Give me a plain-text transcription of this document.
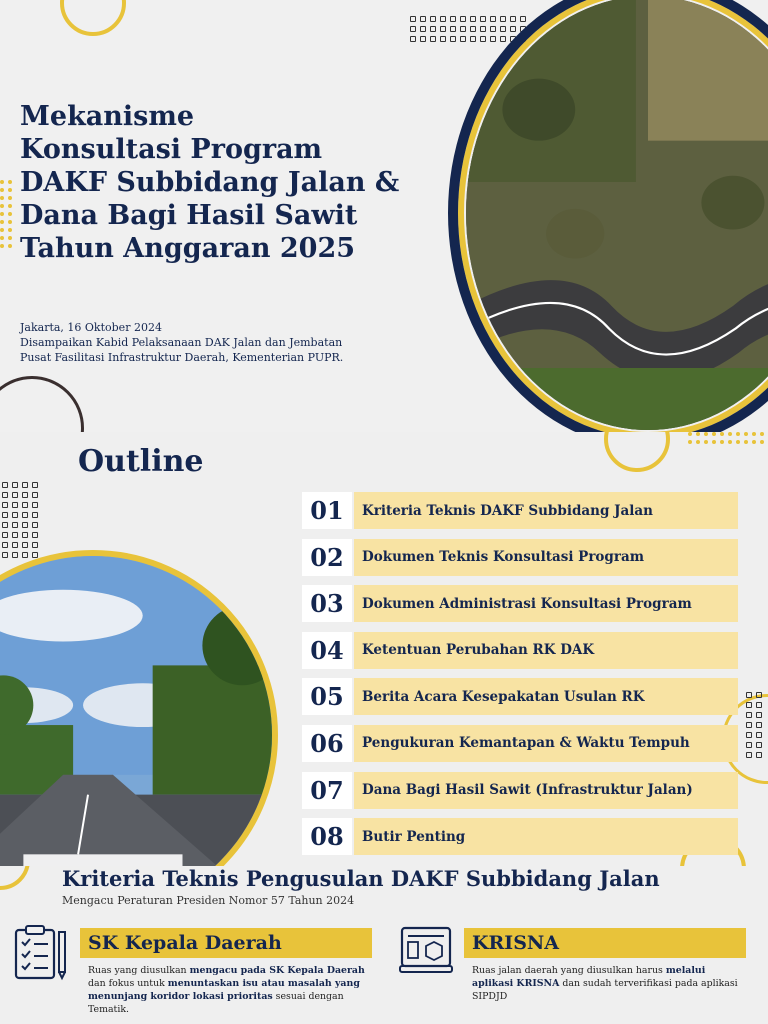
Mekanisme
Konsultasi Program
DAKF Subbidang Jalan &
Dana Bagi Hasil Sawit
Tahun Anggaran 2025
Jakarta, 16 Oktober 2024
Disampaikan Kabid Pelaksanaan DAK Jalan dan Jembatan
Pusat Fasilitasi Infrastruktur Daerah, Kementerian PUPR.
Outline
01	Kriteria Teknis DAKF Subbidang Jalan
02	Dokumen Teknis Konsultasi Program
03	Dokumen Administrasi Konsultasi Program
04	Ketentuan Perubahan RK DAK
05	Berita Acara Kesepakatan Usulan RK
06	Pengukuran Kemantapan & Waktu Tempuh
07	Dana Bagi Hasil Sawit (Infrastruktur Jalan)
08	Butir Penting
Kriteria Teknis Pengusulan DAKF Subbidang Jalan
Mengacu Peraturan Presiden Nomor 57 Tahun 2024
SK Kepala Daerah

Ruas yang diusulkan mengacu pada SK Kepala Daerah dan fokus untuk menuntaskan isu atau masalah yang menunjang koridor lokasi prioritas sesuai dengan Tematik.

KRISNA

Ruas jalan daerah yang diusulkan harus melalui aplikasi KRISNA dan sudah terverifikasi pada aplikasi SIPDJD
